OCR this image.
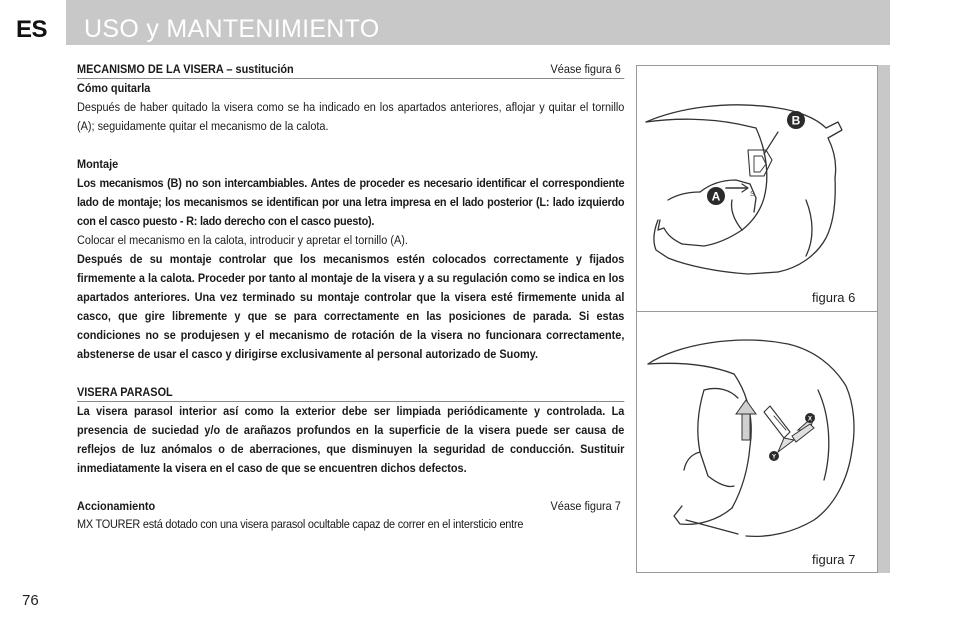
ES USO y MANTENIMIENTO
MECANISMO DE LA VISERA – sustitución	Véase figura 6
Cómo quitarla

Después de haber quitado la visera como se ha indicado en los apartados anteriores, aflojar y quitar el tornillo (A); seguidamente quitar el mecanismo de la calota.

Montaje

Los mecanismos (B) no son intercambiables. Antes de proceder es necesario identificar el correspondiente lado de montaje; los mecanismos se identifican por una letra impresa en el lado posterior (L: lado izquierdo con el casco puesto - R: lado derecho con el casco puesto).

Colocar el mecanismo en la calota, introducir y apretar el tornillo (A).

Después de su montaje controlar que los mecanismos estén colocados correctamente y fijados firmemente a la calota. Proceder por tanto al montaje de la visera y a su regulación como se indica en los apartados anteriores. Una vez terminado su montaje controlar que la visera esté firmemente unida al casco, que gire libremente y que se para correctamente en las posiciones de parada. Si estas condiciones no se produjesen y el mecanismo de rotación de la visera no funcionara correctamente, abstenerse de usar el casco y dirigirse exclusivamente al personal autorizado de Suomy.

VISERA PARASOL

La visera parasol interior así como la exterior debe ser limpiada periódicamente y controlada. La presencia de suciedad y/o de arañazos profundos en la superficie de la visera puede ser causa de reflejos de luz anómalos o de aberraciones, que disminuyen la seguridad de conducción. Sustituir inmediatamente la visera en el caso de que se encuentren dichos defectos.

Accionamiento	Véase figura 7

MX TOURER está dotado con una visera parasol ocultable capaz de correr en el intersticio entre

B
A	S
figura 6
X
Y
figura 7
76
